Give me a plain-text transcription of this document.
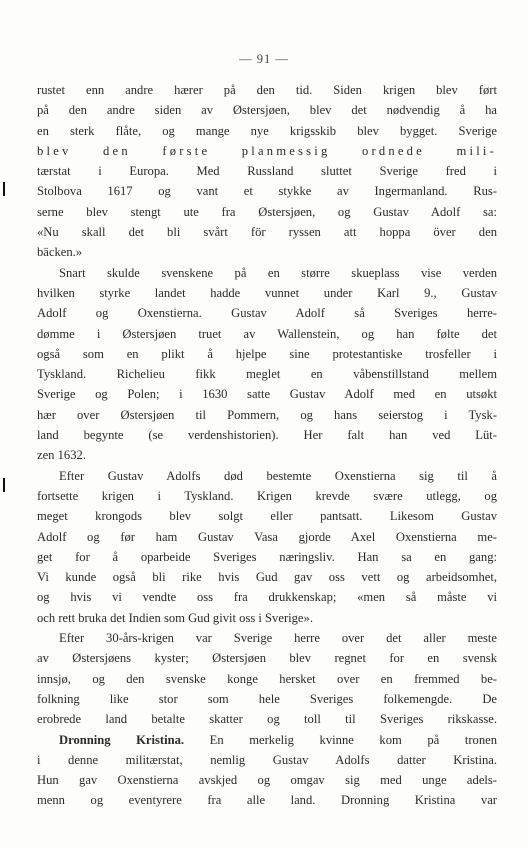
— 91 —
rustet enn andre hærer på den tid. Siden krigen blev ført
på den andre siden av Østersjøen, blev det nødvendig å ha
en sterk flåte, og mange nye krigsskib blev bygget. Sverige
blev den første planmessig ordnede mili-
tærstat i Europa. Med Russland sluttet Sverige fred i
Stolbova 1617 og vant et stykke av Ingermanland. Rus-
serne blev stengt ute fra Østersjøen, og Gustav Adolf sa:
«Nu skall det bli svårt för ryssen att hoppa över den
bäcken.»
Snart skulde svenskene på en større skueplass vise verden
hvilken styrke landet hadde vunnet under Karl 9., Gustav
Adolf og Oxenstierna. Gustav Adolf så Sveriges herre-
dømme i Østersjøen truet av Wallenstein, og han følte det
også som en plikt å hjelpe sine protestantiske trosfeller i
Tyskland. Richelieu fikk meglet en våbenstillstand mellem
Sverige og Polen; i 1630 satte Gustav Adolf med en utsøkt
hær over Østersjøen til Pommern, og hans seierstog i Tysk-
land begynte (se verdenshistorien). Her falt han ved Lüt-
zen 1632.
Efter Gustav Adolfs død bestemte Oxenstierna sig til å
fortsette krigen i Tyskland. Krigen krevde svære utlegg, og
meget krongods blev solgt eller pantsatt. Likesom Gustav
Adolf og før ham Gustav Vasa gjorde Axel Oxenstierna me-
get for å oparbeide Sveriges næringsliv. Han sa en gang:
Vi kunde også bli rike hvis Gud gav oss vett og arbeidsomhet,
og hvis vi vendte oss fra drukkenskap; «men så måste vi
och rett bruka det Indien som Gud givit oss i Sverige».
Efter 30-års-krigen var Sverige herre over det aller meste
av Østersjøens kyster; Østersjøen blev regnet for en svensk
innsjø, og den svenske konge hersket over en fremmed be-
folkning like stor som hele Sveriges folkemengde. De
erobrede land betalte skatter og toll til Sveriges rikskasse.
Dronning Kristina. En merkelig kvinne kom på tronen
i denne militærstat, nemlig Gustav Adolfs datter Kristina.
Hun gav Oxenstierna avskjed og omgav sig med unge adels-
menn og eventyrere fra alle land. Dronning Kristina var
